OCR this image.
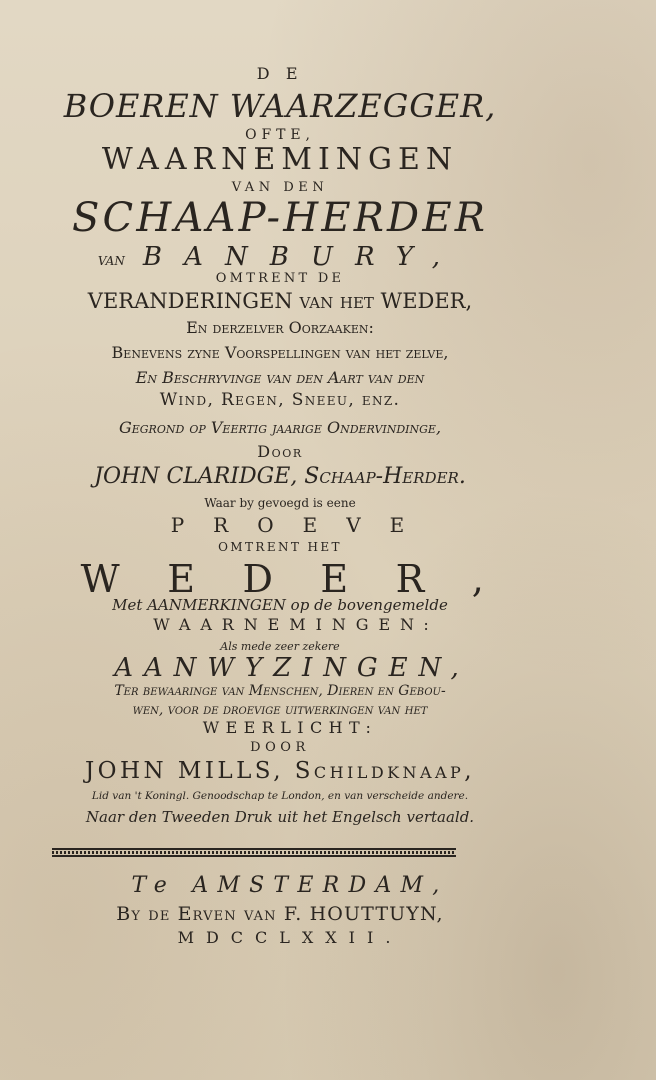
D E
BOEREN WAARZEGGER,
OFTE,
WAARNEMINGEN
VAN DEN
SCHAAP-HERDER
VAN BANBURY,
OMTRENT DE
VERANDERINGEN van het WEDER,
En derzelver Oorzaaken:
Benevens zyne Voorspellingen van het zelve,
En Beschryvinge van den Aart van den
Wind, Regen, Sneeu, enz.
Gegrond op Veertig jaarige Ondervindinge,
Door
JOHN CLARIDGE, Schaap-Herder.
Waar by gevoegd is eene
PROEVE
OMTRENT HET
WEDER,
Met AANMERKINGEN op de bovengemelde
WAARNEMINGEN:
Als mede zeer zekere
AANWYZINGEN,
Ter bewaaringe van Menschen, Dieren en Gebou-
wen, voor de droevige uitwerkingen van het
WEERLICHT:
DOOR
JOHN MILLS, Schildknaap,
Lid van 't Koningl. Genoodschap te London, en van verscheide andere.
Naar den Tweeden Druk uit het Engelsch vertaald.
Te AMSTERDAM,
By de Erven van F. HOUTTUYN,
MDCCLXXII.
